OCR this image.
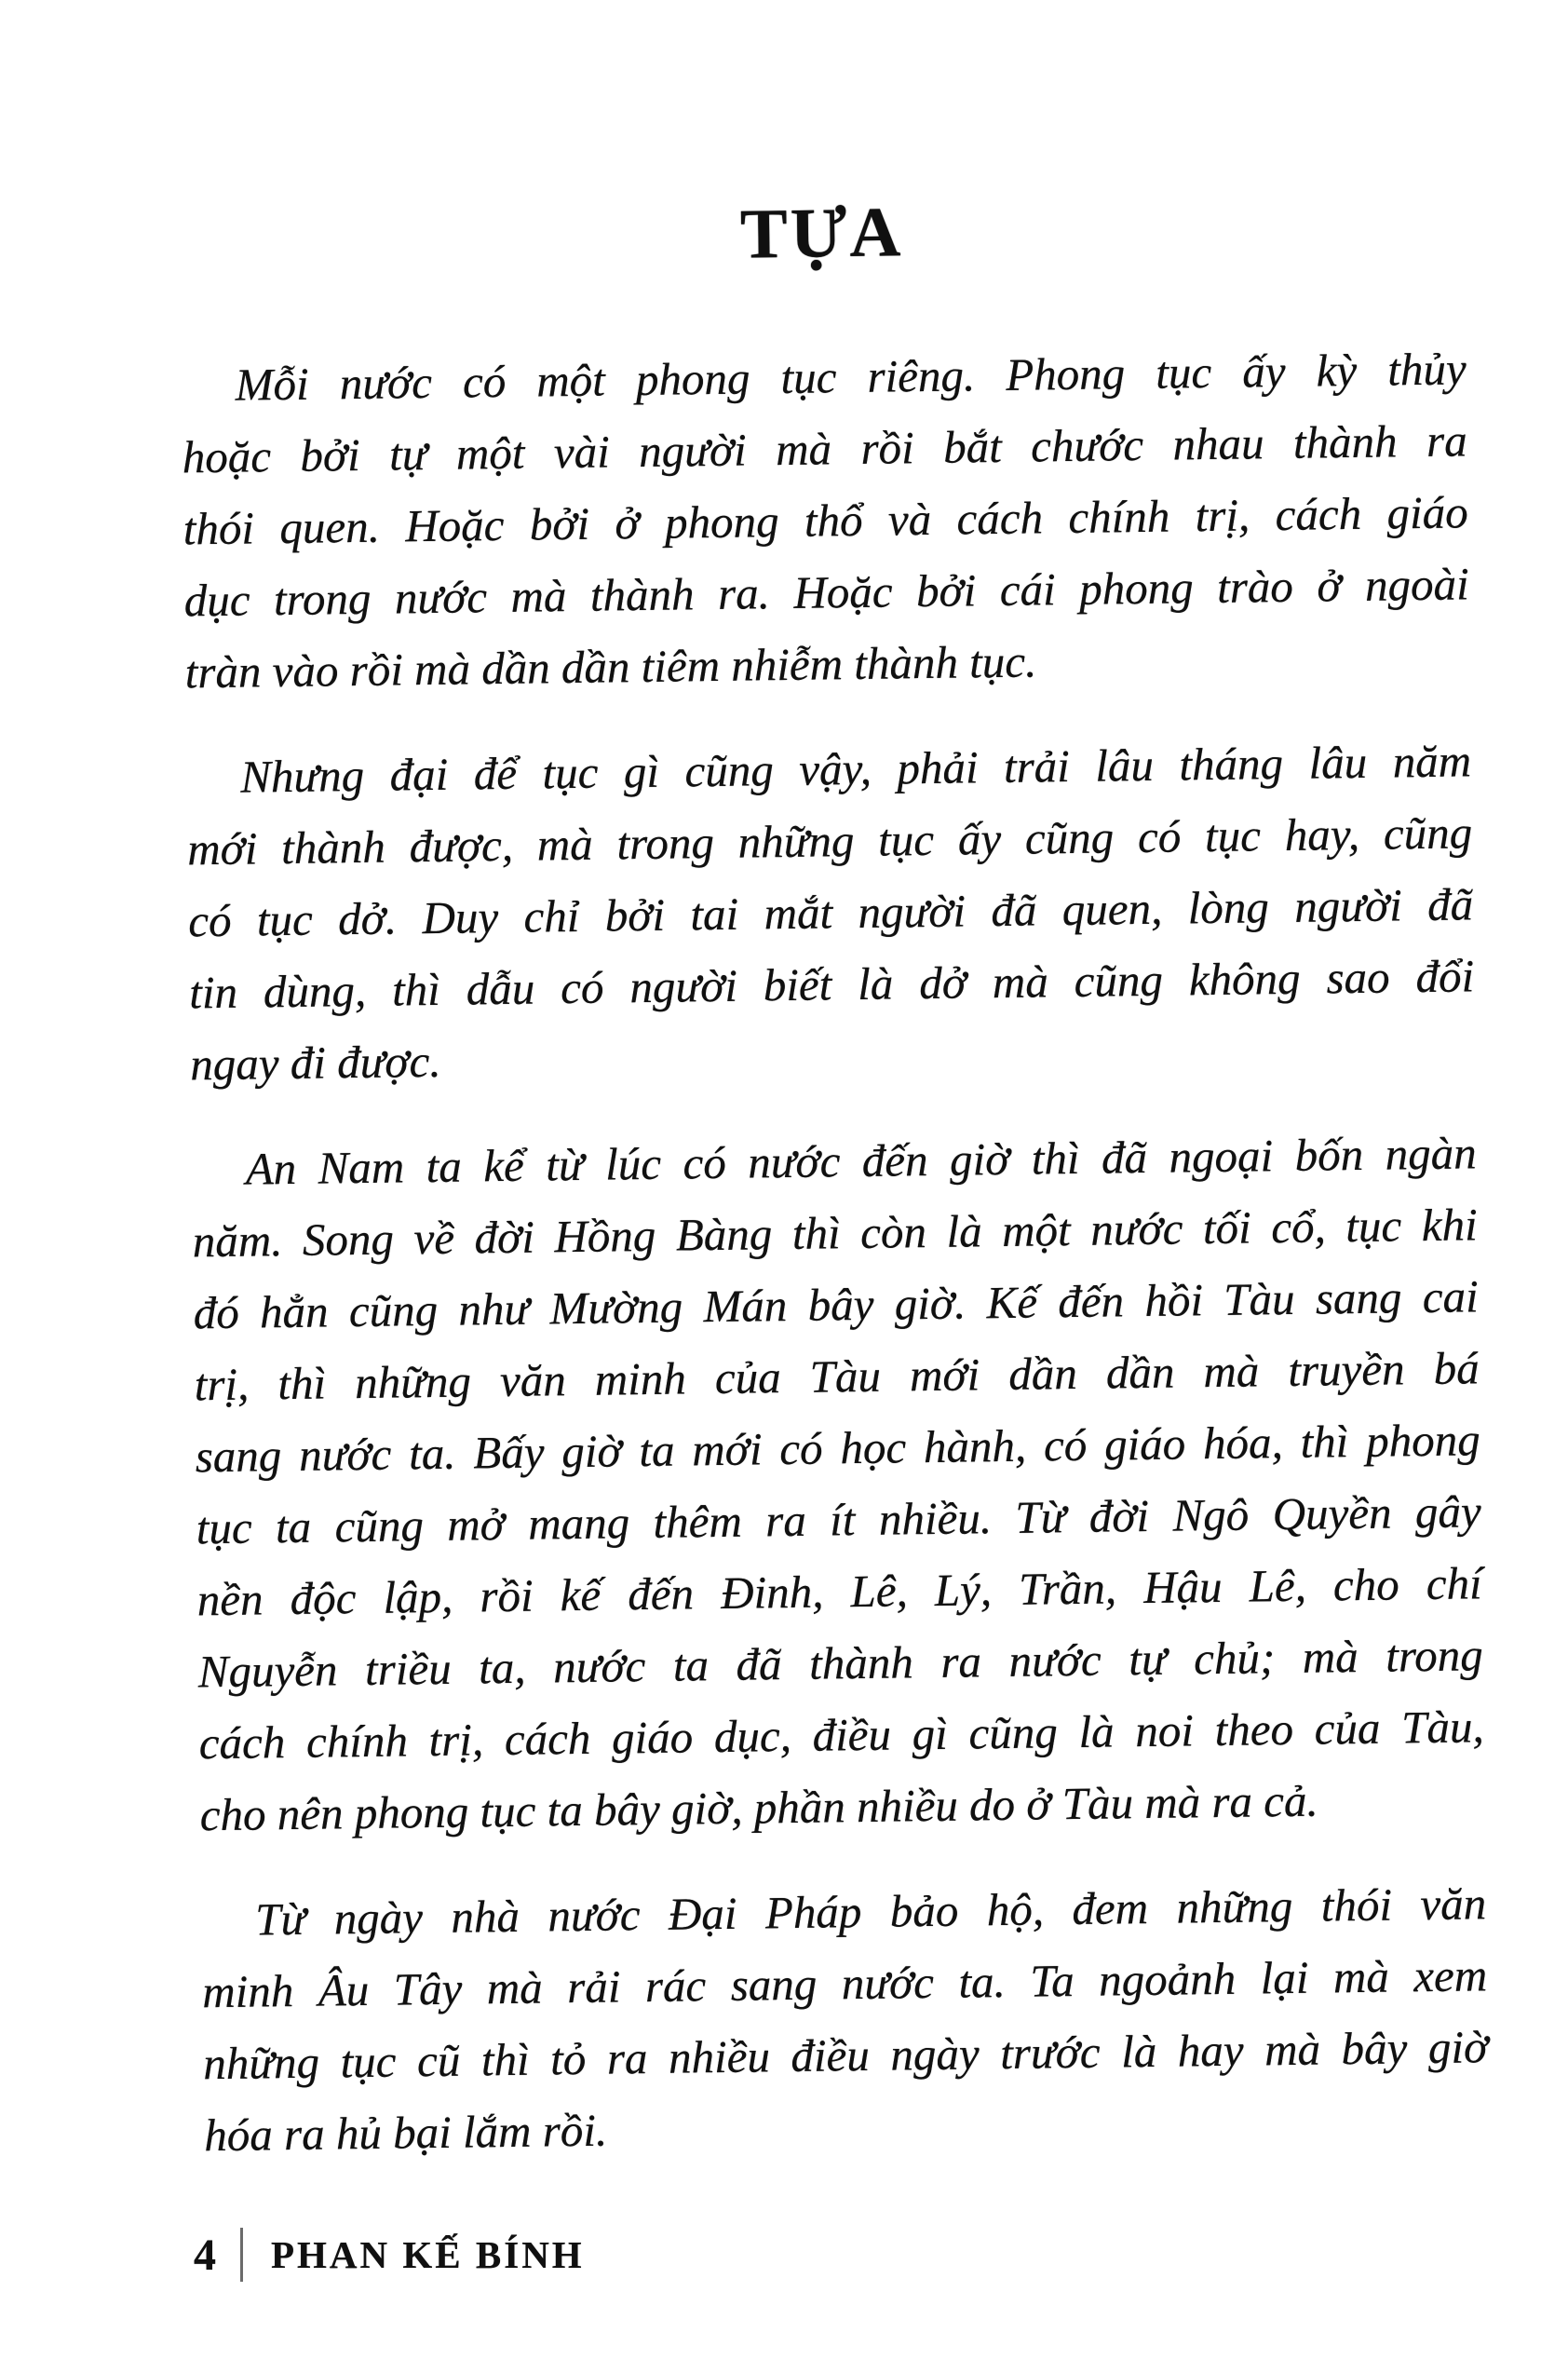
TỰA
Mỗi nước có một phong tục riêng. Phong tục ấy kỳ thủy
hoặc bởi tự một vài người mà rồi bắt chước nhau thành ra
thói quen. Hoặc bởi ở phong thổ và cách chính trị, cách giáo
dục trong nước mà thành ra. Hoặc bởi cái phong trào ở ngoài
tràn vào rồi mà dần dần tiêm nhiễm thành tục.
Nhưng đại để tục gì cũng vậy, phải trải lâu tháng lâu năm
mới thành được, mà trong những tục ấy cũng có tục hay, cũng
có tục dở. Duy chỉ bởi tai mắt người đã quen, lòng người đã
tin dùng, thì dẫu có người biết là dở mà cũng không sao đổi
ngay đi được.
An Nam ta kể từ lúc có nước đến giờ thì đã ngoại bốn ngàn
năm. Song về đời Hồng Bàng thì còn là một nước tối cổ, tục khi
đó hẳn cũng như Mường Mán bây giờ. Kế đến hồi Tàu sang cai
trị, thì những văn minh của Tàu mới dần dần mà truyền bá
sang nước ta. Bấy giờ ta mới có học hành, có giáo hóa, thì phong
tục ta cũng mở mang thêm ra ít nhiều. Từ đời Ngô Quyền gây
nền độc lập, rồi kế đến Đinh, Lê, Lý, Trần, Hậu Lê, cho chí
Nguyễn triều ta, nước ta đã thành ra nước tự chủ; mà trong
cách chính trị, cách giáo dục, điều gì cũng là noi theo của Tàu,
cho nên phong tục ta bây giờ, phần nhiều do ở Tàu mà ra cả.
Từ ngày nhà nước Đại Pháp bảo hộ, đem những thói văn
minh Âu Tây mà rải rác sang nước ta. Ta ngoảnh lại mà xem
những tục cũ thì tỏ ra nhiều điều ngày trước là hay mà bây giờ
hóa ra hủ bại lắm rồi.
4 PHAN KẾ BÍNH
